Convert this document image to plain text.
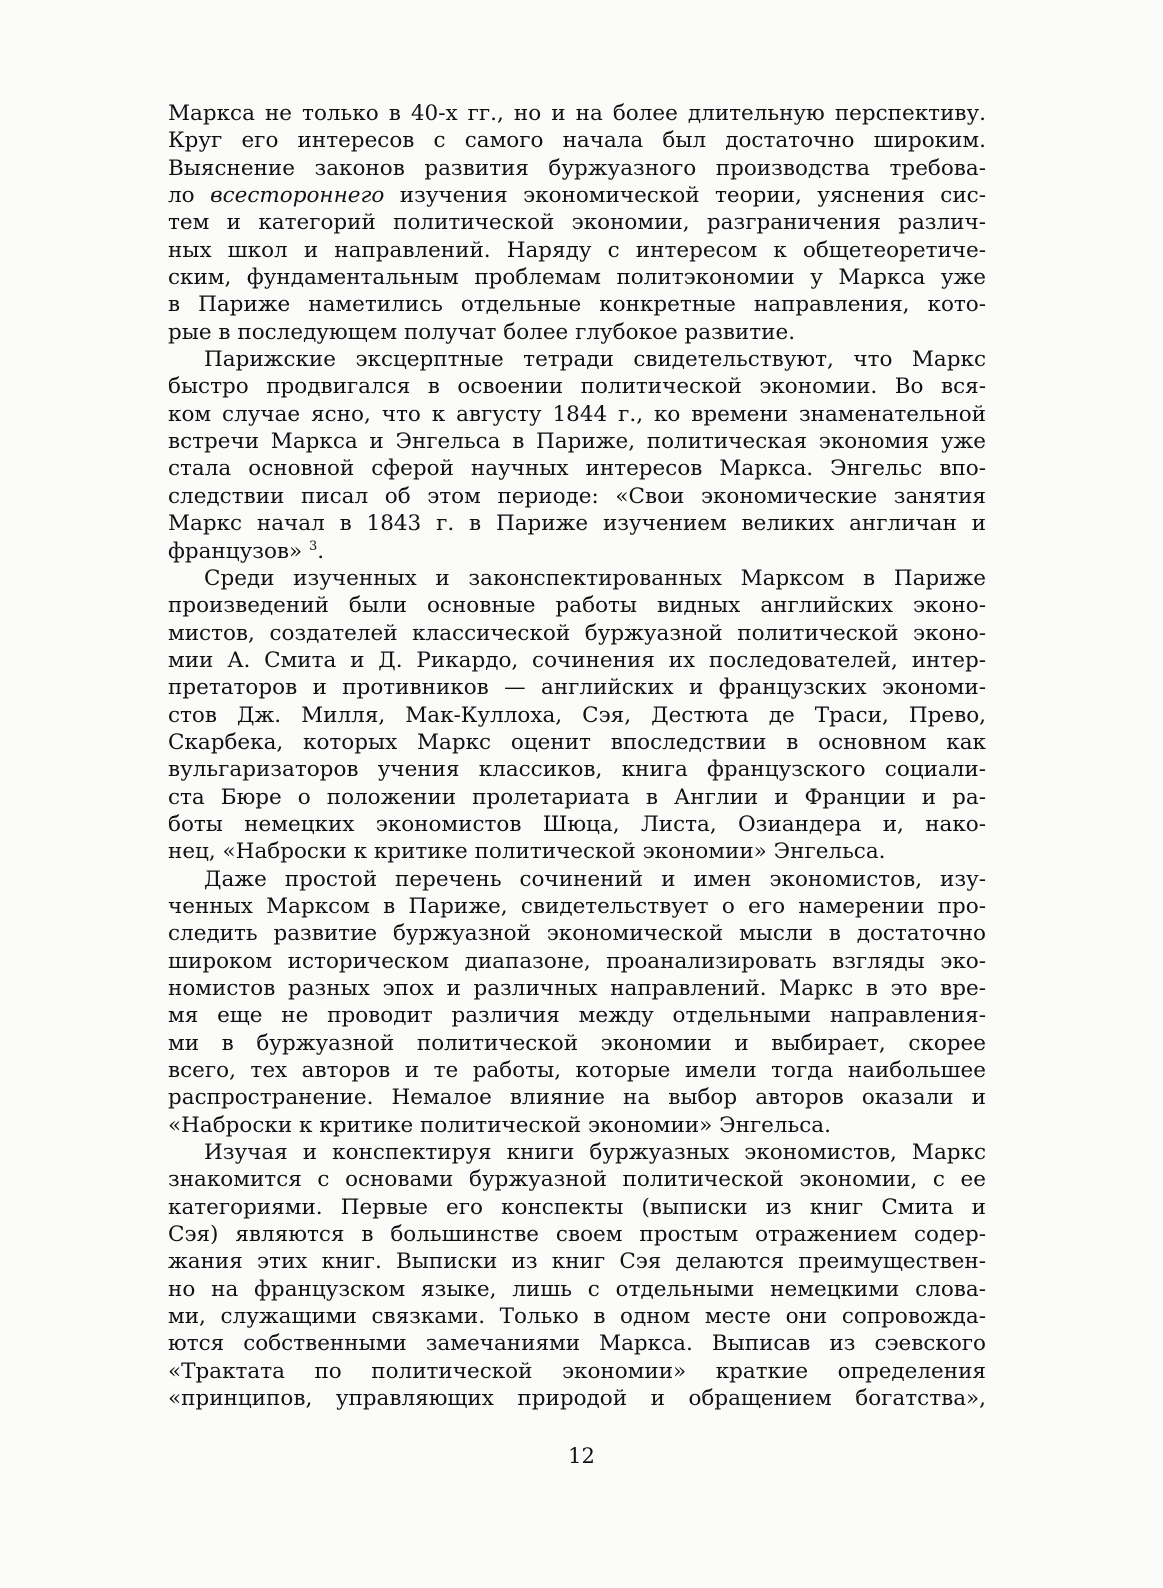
Маркса не только в 40-х гг., но и на более длительную перспективу.
Круг его интересов с самого начала был достаточно широким.
Выяснение законов развития буржуазного производства требова-
ло всестороннего изучения экономической теории, уяснения сис-
тем и категорий политической экономии, разграничения различ-
ных школ и направлений. Наряду с интересом к общетеоретиче-
ским, фундаментальным проблемам политэкономии у Маркса уже
в Париже наметились отдельные конкретные направления, кото-
рые в последующем получат более глубокое развитие.
Парижские эксцерптные тетради свидетельствуют, что Маркс
быстро продвигался в освоении политической экономии. Во вся-
ком случае ясно, что к августу 1844 г., ко времени знаменательной
встречи Маркса и Энгельса в Париже, политическая экономия уже
стала основной сферой научных интересов Маркса. Энгельс впо-
следствии писал об этом периоде: «Свои экономические занятия
Маркс начал в 1843 г. в Париже изучением великих англичан и
французов» $^3$.
Среди изученных и законспектированных Марксом в Париже
произведений были основные работы видных английских эконо-
мистов, создателей классической буржуазной политической эконо-
мии А. Смита и Д. Рикардо, сочинения их последователей, интер-
претаторов и противников — английских и французских экономи-
стов Дж. Милля, Мак-Куллоха, Сэя, Дестюта де Траси, Прево,
Скарбека, которых Маркс оценит впоследствии в основном как
вульгаризаторов учения классиков, книга французского социали-
ста Бюре о положении пролетариата в Англии и Франции и ра-
боты немецких экономистов Шюца, Листа, Озиандера и, нако-
нец, «Наброски к критике политической экономии» Энгельса.
Даже простой перечень сочинений и имен экономистов, изу-
ченных Марксом в Париже, свидетельствует о его намерении про-
следить развитие буржуазной экономической мысли в достаточно
широком историческом диапазоне, проанализировать взгляды эко-
номистов разных эпох и различных направлений. Маркс в это вре-
мя еще не проводит различия между отдельными направления-
ми в буржуазной политической экономии и выбирает, скорее
всего, тех авторов и те работы, которые имели тогда наибольшее
распространение. Немалое влияние на выбор авторов оказали и
«Наброски к критике политической экономии» Энгельса.
Изучая и конспектируя книги буржуазных экономистов, Маркс
знакомится с основами буржуазной политической экономии, с ее
категориями. Первые его конспекты (выписки из книг Смита и
Сэя) являются в большинстве своем простым отражением содер-
жания этих книг. Выписки из книг Сэя делаются преимуществен-
но на французском языке, лишь с отдельными немецкими слова-
ми, служащими связками. Только в одном месте они сопровожда-
ются собственными замечаниями Маркса. Выписав из сэевского
«Трактата по политической экономии» краткие определения
«принципов, управляющих природой и обращением богатства»,
12
